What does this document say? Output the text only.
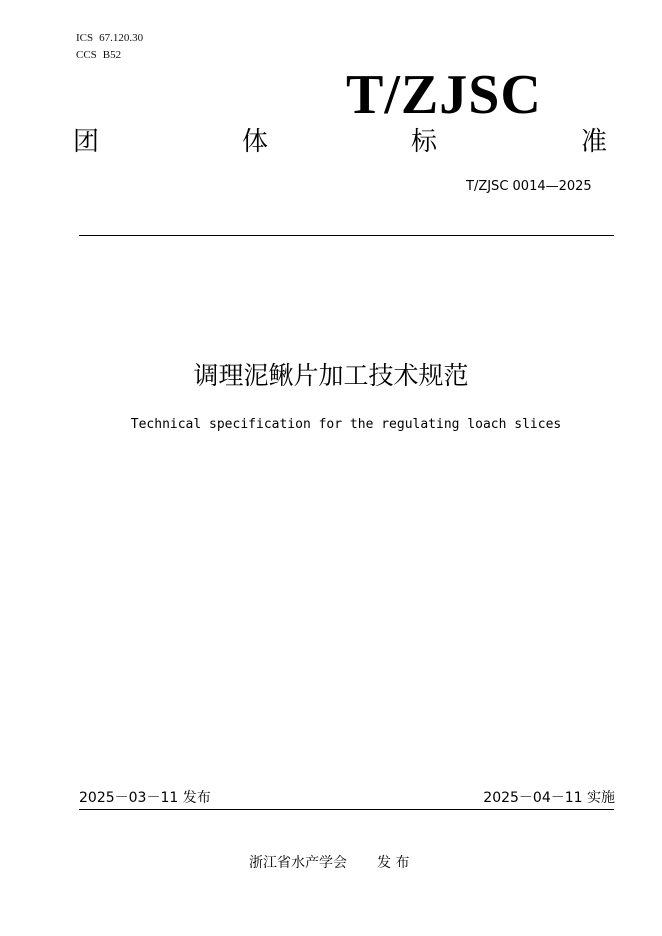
ICS 67.120.30
CCS B52
T/ZJSC
团	体	标	准
T/ZJSC 0014—2025
调理泥鳅片加工技术规范
Technical specification for the regulating loach slices
2025－03－11 发布	2025－04－11 实施
浙江省水产学会 发 布
